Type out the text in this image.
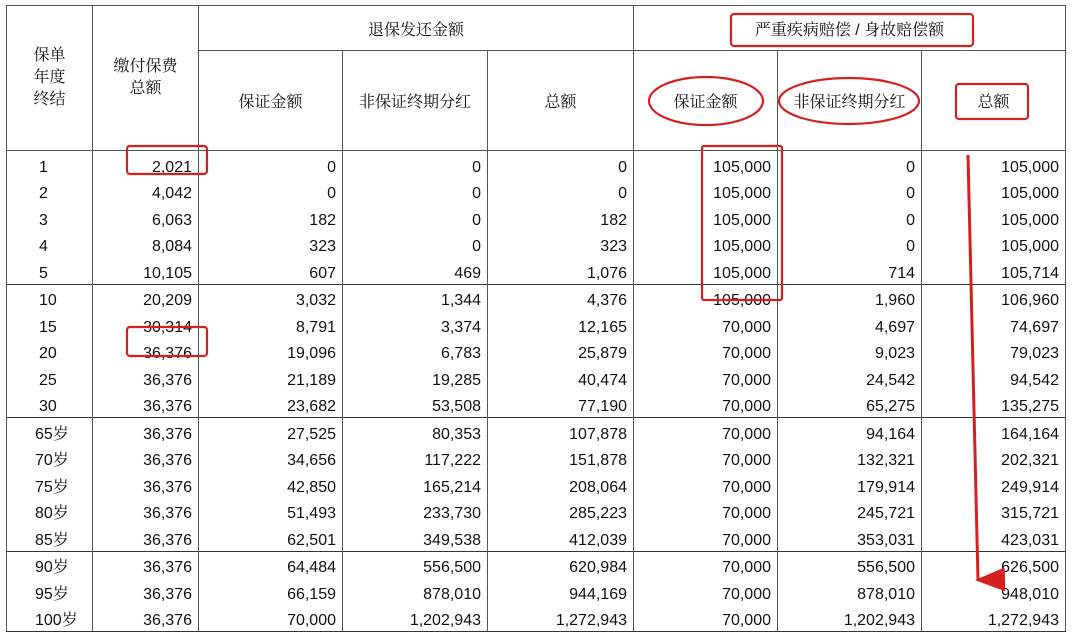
保单
年度
终结	缴付保费
总额	退保发还金额			严重疾病赔偿 / 身故赔偿额		
		保证金额	非保证终期分红	总额	保证金额	非保证终期分红	总额
1	2,021	0	0	0	105,000	0	105,000
2	4,042	0	0	0	105,000	0	105,000
3	6,063	182	0	182	105,000	0	105,000
4	8,084	323	0	323	105,000	0	105,000
5	10,105	607	469	1,076	105,000	714	105,714
10	20,209	3,032	1,344	4,376	105,000	1,960	106,960
15	30,314	8,791	3,374	12,165	70,000	4,697	74,697
20	36,376	19,096	6,783	25,879	70,000	9,023	79,023
25	36,376	21,189	19,285	40,474	70,000	24,542	94,542
30	36,376	23,682	53,508	77,190	70,000	65,275	135,275
65岁	36,376	27,525	80,353	107,878	70,000	94,164	164,164
70岁	36,376	34,656	117,222	151,878	70,000	132,321	202,321
75岁	36,376	42,850	165,214	208,064	70,000	179,914	249,914
80岁	36,376	51,493	233,730	285,223	70,000	245,721	315,721
85岁	36,376	62,501	349,538	412,039	70,000	353,031	423,031
90岁	36,376	64,484	556,500	620,984	70,000	556,500	626,500
95岁	36,376	66,159	878,010	944,169	70,000	878,010	948,010
100岁	36,376	70,000	1,202,943	1,272,943	70,000	1,202,943	1,272,943
